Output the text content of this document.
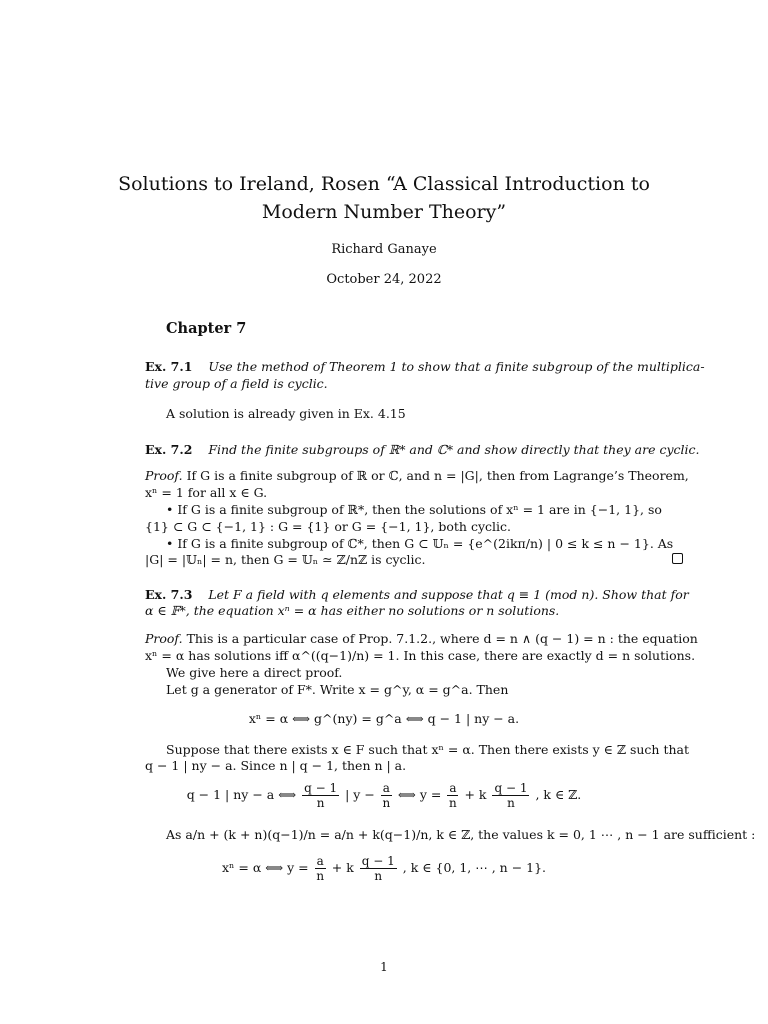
Solutions to Ireland, Rosen “A Classical Introduction to
Modern Number Theory”
Richard Ganaye
October 24, 2022
Chapter 7
Ex. 7.1 Use the method of Theorem 1 to show that a finite subgroup of the multiplica-
tive group of a field is cyclic.
A solution is already given in Ex. 4.15
Ex. 7.2 Find the finite subgroups of ℝ* and ℂ* and show directly that they are cyclic.
Proof. If G is a finite subgroup of ℝ or ℂ, and n = |G|, then from Lagrange’s Theorem,
xⁿ = 1 for all x ∈ G.
• If G is a finite subgroup of ℝ*, then the solutions of xⁿ = 1 are in {−1, 1}, so
{1} ⊂ G ⊂ {−1, 1} : G = {1} or G = {−1, 1}, both cyclic.
• If G is a finite subgroup of ℂ*, then G ⊂ 𝕌ₙ = {e^(2ikπ/n) | 0 ≤ k ≤ n − 1}. As
|G| = |𝕌ₙ| = n, then G = 𝕌ₙ ≃ ℤ/nℤ is cyclic.
Ex. 7.3 Let F a field with q elements and suppose that q ≡ 1 (mod n). Show that for
α ∈ 𝔽*, the equation xⁿ = α has either no solutions or n solutions.
Proof. This is a particular case of Prop. 7.1.2., where d = n ∧ (q − 1) = n : the equation
xⁿ = α has solutions iff α^((q−1)/n) = 1. In this case, there are exactly d = n solutions.
We give here a direct proof.
Let g a generator of F*. Write x = g^y, α = g^a. Then
xⁿ = α ⟺ g^(ny) = g^a ⟺ q − 1 | ny − a.
Suppose that there exists x ∈ F such that xⁿ = α. Then there exists y ∈ ℤ such that
q − 1 | ny − a. Since n | q − 1, then n | a.
q − 1 | ny − a ⟺ $\frac{q - 1}{n}$ | $y - \frac{a}{n}$ ⟺ $y = \frac{a}{n} + k \frac{q - 1}{n}$ , k ∈ ℤ.
As a/n + (k + n)(q−1)/n = a/n + k(q−1)/n, k ∈ ℤ, the values k = 0, 1 ⋯ , n − 1 are sufficient :
xⁿ = α ⟺ $y = \frac{a}{n} + k \frac{q - 1}{n}$ , k ∈ {0, 1, ⋯ , n − 1}.
1
